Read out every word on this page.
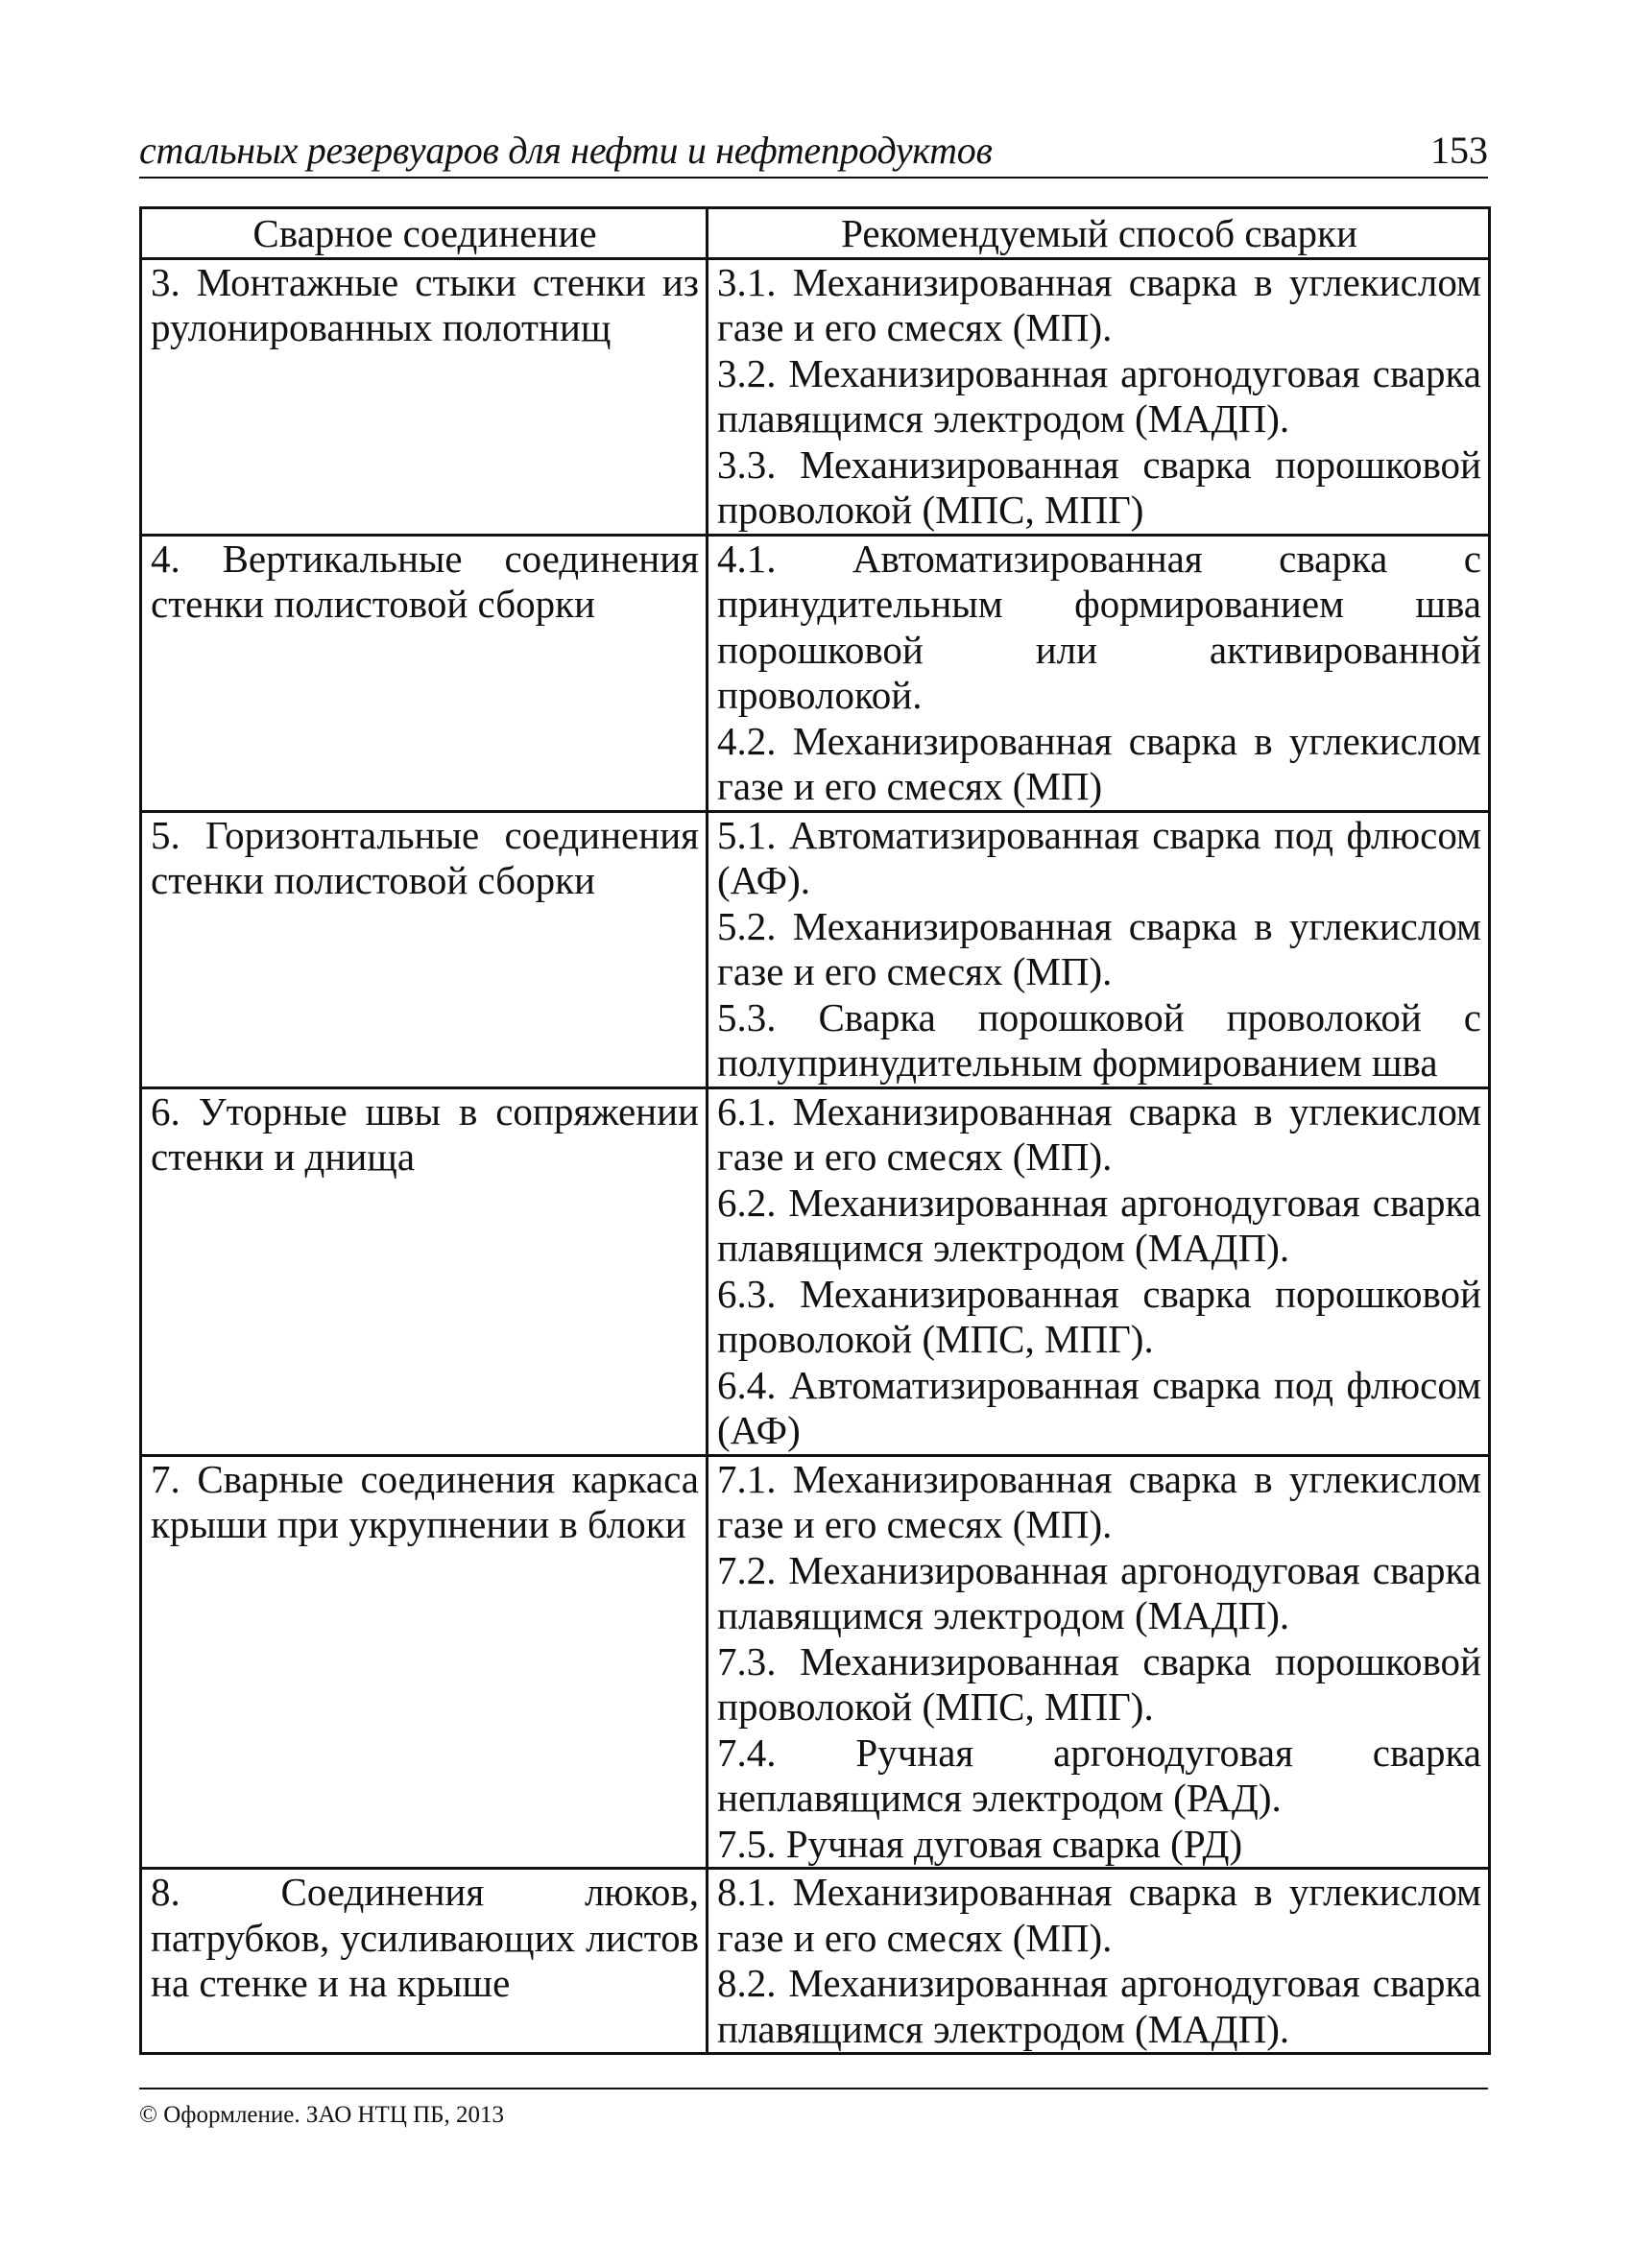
стальных резервуаров для нефти и нефтепродуктов	153
Сварное соединение	Рекомендуемый способ сварки

3. Монтажные стыки стенки из рулонированных полотнищ	3.1. Механизированная сварка в углекислом газе и его смесях (МП).
3.2. Механизированная аргонодуговая сварка плавящимся электродом (МАДП).
3.3. Механизированная сварка порошковой проволокой (МПС, МПГ)

4. Вертикальные соединения стенки полистовой сборки	4.1. Автоматизированная сварка с принудительным формированием шва порошковой или активированной проволокой.
4.2. Механизированная сварка в углекислом газе и его смесях (МП)

5. Горизонтальные соединения стенки полистовой сборки	5.1. Автоматизированная сварка под флюсом (АФ).
5.2. Механизированная сварка в углекислом газе и его смесях (МП).
5.3. Сварка порошковой проволокой с полупринудительным формированием шва

6. Уторные швы в сопряжении стенки и днища	6.1. Механизированная сварка в углекислом газе и его смесях (МП).
6.2. Механизированная аргонодуговая сварка плавящимся электродом (МАДП).
6.3. Механизированная сварка порошковой проволокой (МПС, МПГ).
6.4. Автоматизированная сварка под флюсом (АФ)

7. Сварные соединения каркаса крыши при укрупнении в блоки	7.1. Механизированная сварка в углекислом газе и его смесях (МП).
7.2. Механизированная аргонодуговая сварка плавящимся электродом (МАДП).
7.3. Механизированная сварка порошковой проволокой (МПС, МПГ).
7.4. Ручная аргонодуговая сварка неплавящимся электродом (РАД).
7.5. Ручная дуговая сварка (РД)

8. Соединения люков, патрубков, усиливающих листов на стенке и на крыше	8.1. Механизированная сварка в углекислом газе и его смесях (МП).
8.2. Механизированная аргонодуговая сварка плавящимся электродом (МАДП).
© Оформление. ЗАО НТЦ ПБ, 2013
